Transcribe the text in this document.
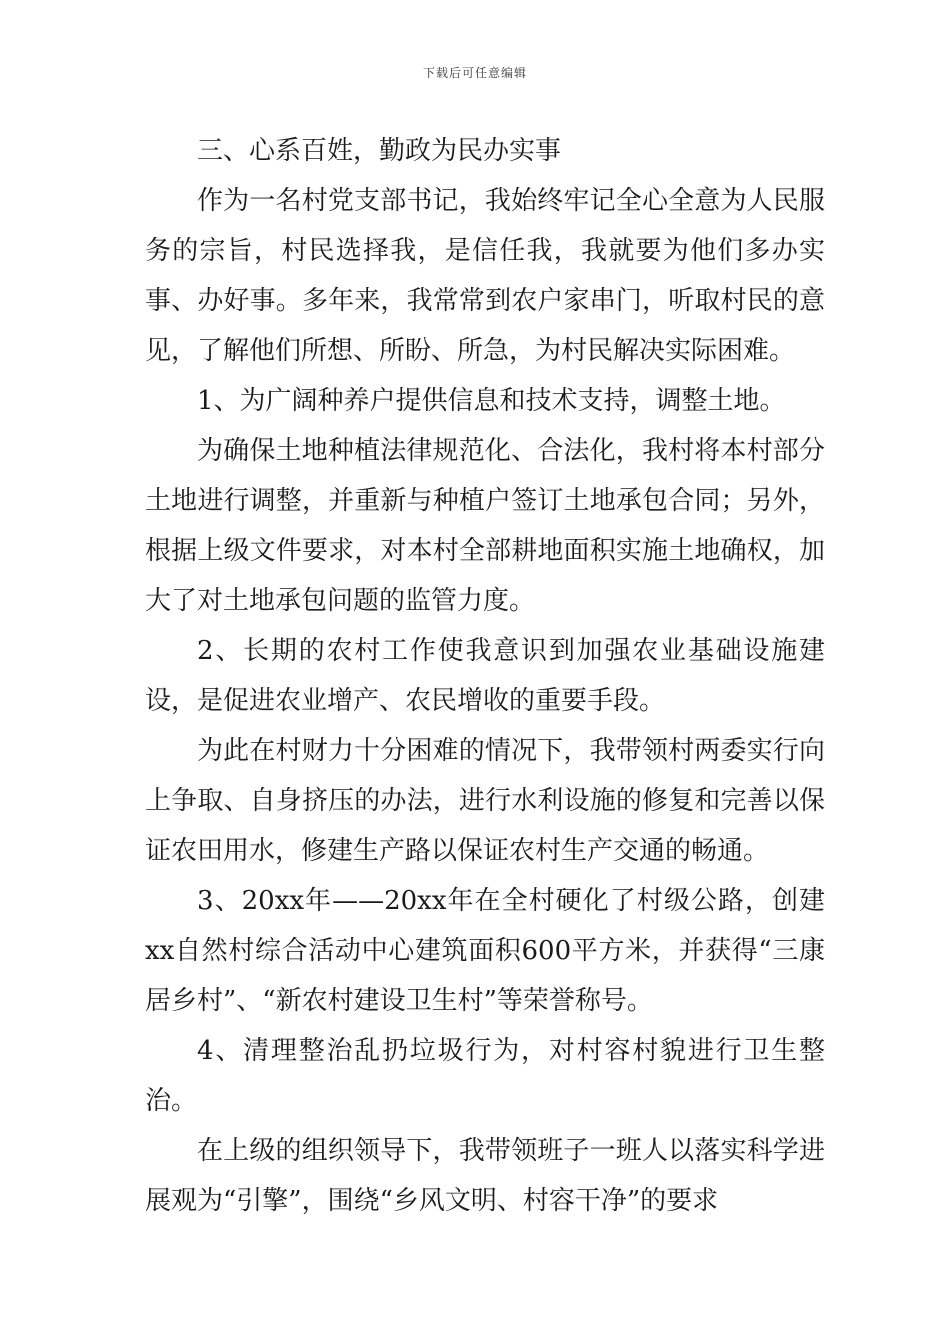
下载后可任意编辑

三、心系百姓，勤政为民办实事

作为一名村党支部书记，我始终牢记全心全意为人民服务的宗旨，村民选择我，是信任我，我就要为他们多办实事、办好事。多年来，我常常到农户家串门，听取村民的意见，了解他们所想、所盼、所急，为村民解决实际困难。

1、为广阔种养户提供信息和技术支持，调整土地。

为确保土地种植法律规范化、合法化，我村将本村部分土地进行调整，并重新与种植户签订土地承包合同；另外，根据上级文件要求，对本村全部耕地面积实施土地确权，加大了对土地承包问题的监管力度。

2、长期的农村工作使我意识到加强农业基础设施建设，是促进农业增产、农民增收的重要手段。

为此在村财力十分困难的情况下，我带领村两委实行向上争取、自身挤压的办法，进行水利设施的修复和完善以保证农田用水，修建生产路以保证农村生产交通的畅通。

3、20xx年——20xx年在全村硬化了村级公路，创建xx自然村综合活动中心建筑面积600平方米，并获得“三康居乡村”、“新农村建设卫生村”等荣誉称号。

4、清理整治乱扔垃圾行为，对村容村貌进行卫生整治。

在上级的组织领导下，我带领班子一班人以落实科学进展观为“引擎”，围绕“乡风文明、村容干净”的要求
